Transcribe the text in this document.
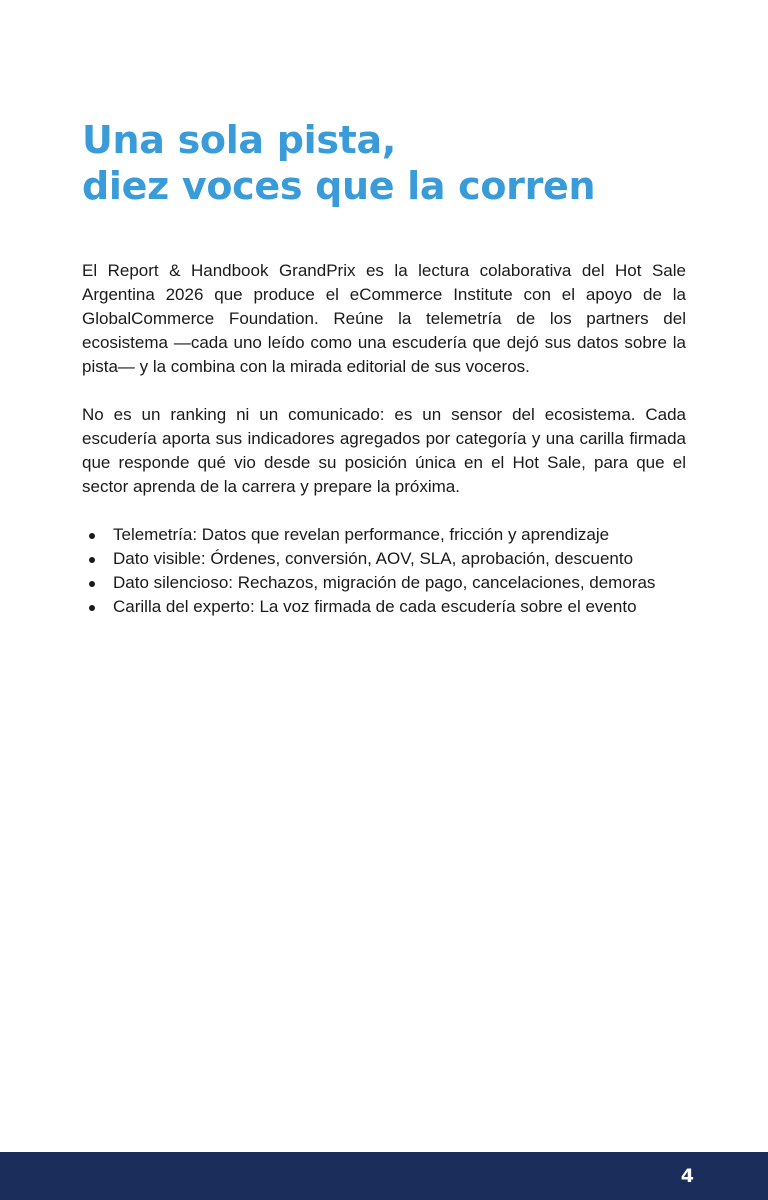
Una sola pista,
diez voces que la corren

El Report & Handbook GrandPrix es la lectura colaborativa del Hot Sale Argentina 2026 que produce el eCommerce Institute con el apoyo de la GlobalCommerce Foundation. Reúne la telemetría de los partners del ecosistema —cada uno leído como una escudería que dejó sus datos sobre la pista— y la combina con la mirada editorial de sus voceros.

No es un ranking ni un comunicado: es un sensor del ecosistema. Cada escudería aporta sus indicadores agregados por categoría y una carilla firmada que responde qué vio desde su posición única en el Hot Sale, para que el sector aprenda de la carrera y prepare la próxima.

Telemetría: Datos que revelan performance, fricción y aprendizaje
Dato visible: Órdenes, conversión, AOV, SLA, aprobación, descuento
Dato silencioso: Rechazos, migración de pago, cancelaciones, demoras
Carilla del experto: La voz firmada de cada escudería sobre el evento
4
